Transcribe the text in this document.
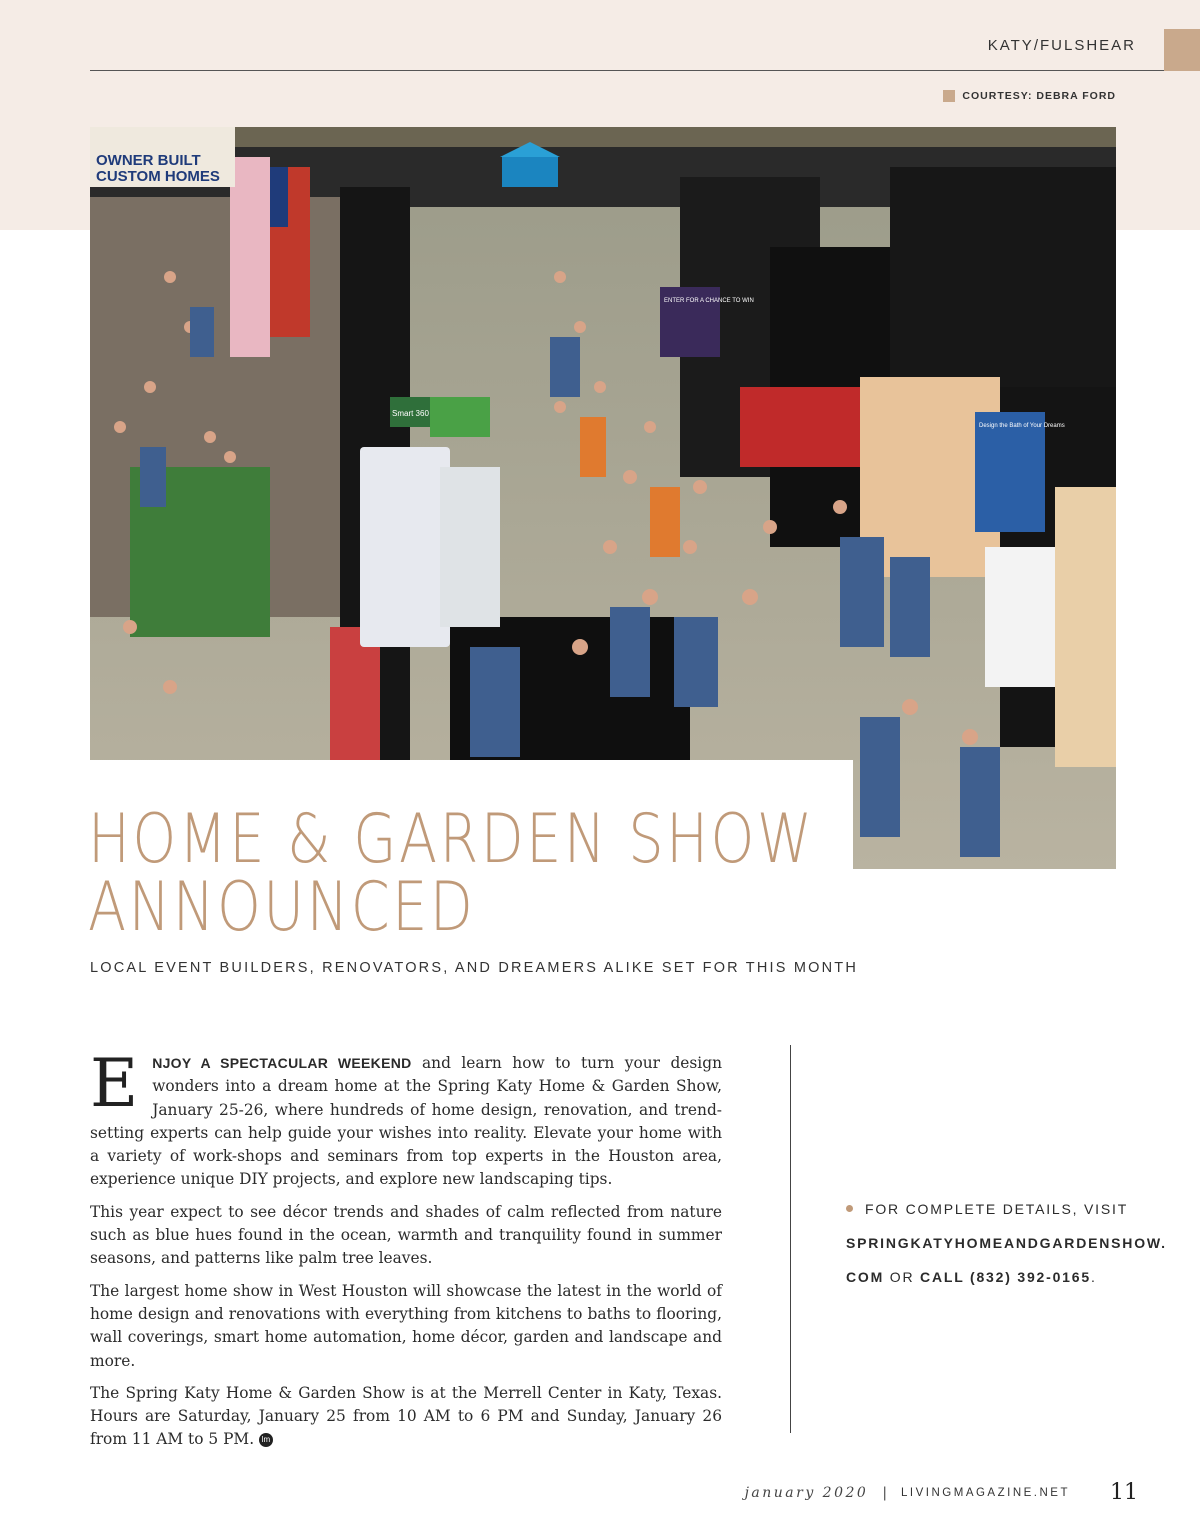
KATY/FULSHEAR
COURTESY: DEBRA FORD
OWNER BUILT
CUSTOM HOMES
ENTER FOR A CHANCE TO WIN
Smart 360
Design the Bath of Your Dreams
HOME & GARDEN SHOW
ANNOUNCED
LOCAL EVENT BUILDERS, RENOVATORS, AND DREAMERS ALIKE SET FOR THIS MONTH

E NJOY A SPECTACULAR WEEKEND and learn how to turn your design wonders into a dream home at the Spring Katy Home & Garden Show, January 25-26, where hundreds of home design, renovation, and trend-setting experts can help guide your wishes into reality. Elevate your home with a variety of work-shops and seminars from top experts in the Houston area, experience unique DIY projects, and explore new landscaping tips.

This year expect to see décor trends and shades of calm reflected from nature such as blue hues found in the ocean, warmth and tranquility found in summer seasons, and patterns like palm tree leaves.

The largest home show in West Houston will showcase the latest in the world of home design and renovations with everything from kitchens to baths to flooring, wall coverings, smart home automation, home décor, garden and landscape and more.

The Spring Katy Home & Garden Show is at the Merrell Center in Katy, Texas. Hours are Saturday, January 25 from 10 AM to 6 PM and Sunday, January 26 from 11 AM to 5 PM. lm

FOR COMPLETE DETAILS, VISIT
SPRINGKATYHOMEANDGARDENSHOW.
COM OR CALL (832) 392-0165.
january 2020 | LIVINGMAGAZINE.NET 11
